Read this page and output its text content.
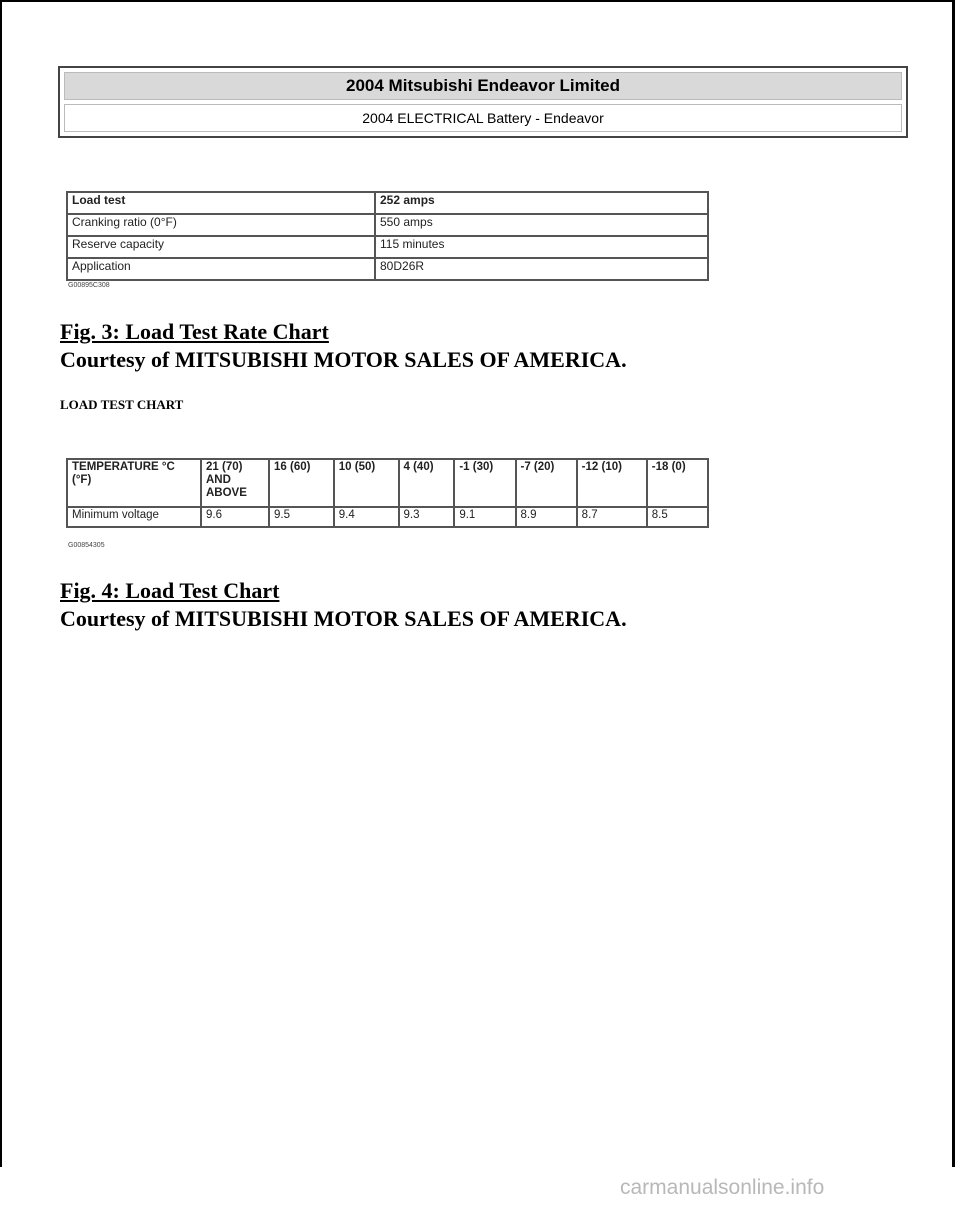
2004 Mitsubishi Endeavor Limited
2004 ELECTRICAL Battery - Endeavor
Load test	252 amps
Cranking ratio (0°F)	550 amps
Reserve capacity	115 minutes
Application	80D26R
G00895C308
Fig. 3: Load Test Rate Chart
Courtesy of MITSUBISHI MOTOR SALES OF AMERICA.
LOAD TEST CHART
TEMPERATURE °C (°F)	21 (70) AND ABOVE	16 (60)	10 (50)	4 (40)	-1 (30)	-7 (20)	-12 (10)	-18 (0)
Minimum voltage	9.6	9.5	9.4	9.3	9.1	8.9	8.7	8.5
G00854305
Fig. 4: Load Test Chart
Courtesy of MITSUBISHI MOTOR SALES OF AMERICA.
carmanualsonline.info
